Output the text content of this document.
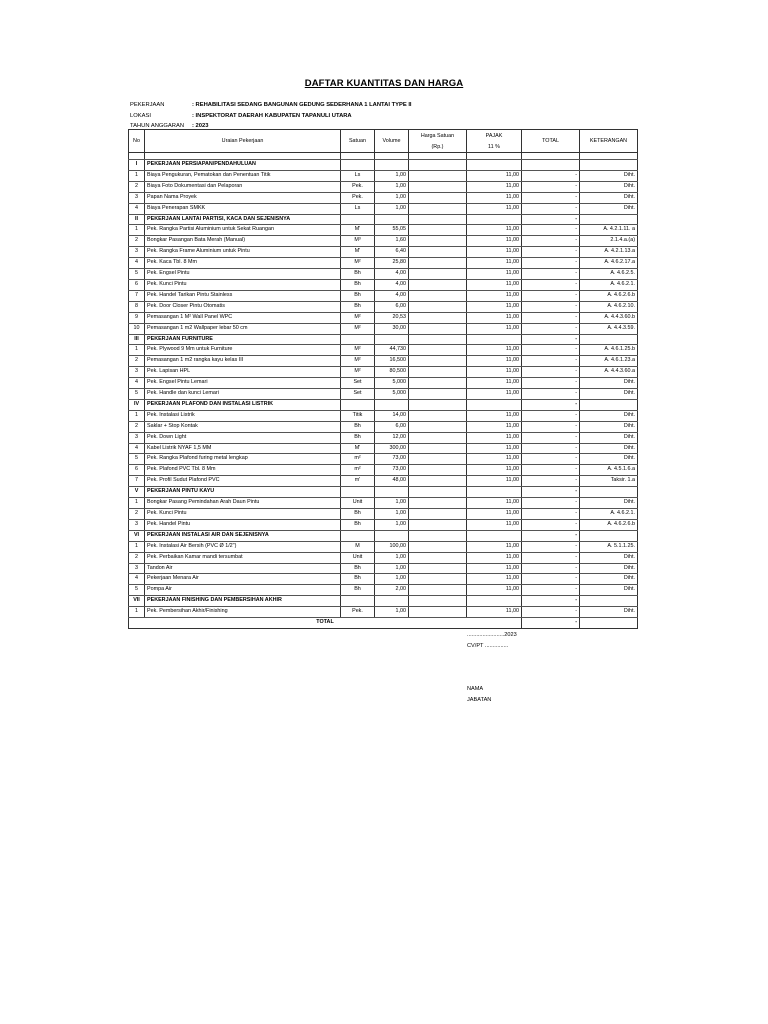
DAFTAR KUANTITAS DAN HARGA
PEKERJAAN	: REHABILITASI SEDANG BANGUNAN GEDUNG SEDERHANA 1 LANTAI TYPE II
LOKASI	: INSPEKTORAT DAERAH KABUPATEN TAPANULI UTARA
TAHUN ANGGARAN	: 2023
No	Uraian Pekerjaan	Satuan	Volume	Harga Satuan	PAJAK	TOTAL	KETERANGAN
				(Rp.)	11 %		

I	PEKERJAAN PERSIAPAN/PENDAHULUAN						
1	Biaya Pengukuran, Pematokan dan Penentuan Titik	Ls	1,00		11,00	-	Diht.
2	Biaya Foto Dokumentasi dan Pelaporan	Pek.	1,00		11,00	-	Diht.
3	Papan Nama Proyek	Pek.	1,00		11,00	-	Diht.
4	Biaya Penerapan SMKK	Ls	1,00		11,00	-	Diht.
II	PEKERJAAN LANTAI PARTISI, KACA DAN SEJENISNYA					-	
1	Pek. Rangka Partisi Aluminium untuk Sekat Ruangan	M'	55,05		11,00	-	A. 4.2.1.11. a
2	Bongkar Pasangan Bata Merah (Manual)	M³	1,60		11,00	-	2.1.4.a.(a)
3	Pek. Rangka Frame Aluminium untuk Pintu	M'	6,40		11,00	-	A. 4.2.1.13.a
4	Pek. Kaca Tbl. 8 Mm	M²	25,80		11,00	-	A. 4.6.2.17.a
5	Pek. Engsel Pintu	Bh	4,00		11,00	-	A. 4.6.2.5.
6	Pek. Kunci Pintu	Bh	4,00		11,00	-	A. 4.6.2.1.
7	Pek. Handel Tarikan Pintu Stainless	Bh	4,00		11,00	-	A. 4.6.2.6.b
8	Pek. Door Closer Pintu Otomatis	Bh	6,00		11,00	-	A. 4.6.2.10.
9	Pemasangan 1 M² Wall Panel WPC	M²	20,53		11,00	-	A. 4.4.3.60.b
10	Pemasangan 1 m2 Wallpaper lebar 50 cm	M²	30,00		11,00	-	A. 4.4.3.59.
III	PEKERJAAN FURNITURE					-	
1	Pek. Plywood 9 Mm untuk Furniture	M²	44,730		11,00	-	A. 4.6.1.25.b
2	Pemasangan 1 m2 rangka kayu kelas III	M²	16,500		11,00	-	A. 4.6.1.23.a
3	Pek. Lapisan HPL	M²	80,500		11,00	-	A. 4.4.3.60.a
4	Pek. Engsel Pintu Lemari	Set	5,000		11,00	-	Diht.
5	Pek. Handle dan kunci Lemari	Set	5,000		11,00	-	Diht.
IV	PEKERJAAN PLAFOND DAN INSTALASI LISTRIK					-	
1	Pek. Instalasi Listrik	Titik	14,00		11,00	-	Diht.
2	Saklar + Stop Kontak	Bh	6,00		11,00	-	Diht.
3	Pek. Down Light	Bh	12,00		11,00	-	Diht.
4	Kabel Listrik NYAF 1,5 MM	M'	300,00		11,00	-	Diht.
5	Pek. Rangka Plafond furing metal lengkap	m²	73,00		11,00	-	Diht.
6	Pek. Plafond PVC Tbl. 8 Mm	m²	73,00		11,00	-	A. 4.5.1.6.a
7	Pek. Profil Sudut Plafond PVC	m'	48,00		11,00	-	Taksir. 1.a
V	PEKERJAAN PINTU KAYU					-	
1	Bongkar Pasang Pemindahan Arah Daun Pintu	Unit	1,00		11,00	-	Diht.
2	Pek. Kunci Pintu	Bh	1,00		11,00	-	A. 4.6.2.1.
3	Pek. Handel Pintu	Bh	1,00		11,00	-	A. 4.6.2.6.b
VI	PEKERJAAN INSTALASI AIR DAN SEJENISNYA					-	
1	Pek. Instalasi Air Bersih (PVC Ø 1/2")	M	100,00		11,00	-	A. 5.1.1.25.
2	Pek. Perbaikan Kamar mandi tersumbat	Unit	1,00		11,00	-	Diht.
3	Tandon Air	Bh	1,00		11,00	-	Diht.
4	Pekerjaan Menara Air	Bh	1,00		11,00	-	Diht.
5	Pompa Air	Bh	2,00		11,00	-	Diht.
VII	PEKERJAAN FINISHING DAN PEMBERSIHAN AKHIR					-	
1	Pek. Pembersihan Akhir/Finishing	Pek.	1,00		11,00	-	Diht.
TOTAL						-	
........................2023
CV/PT ...............
NAMA
JABATAN
